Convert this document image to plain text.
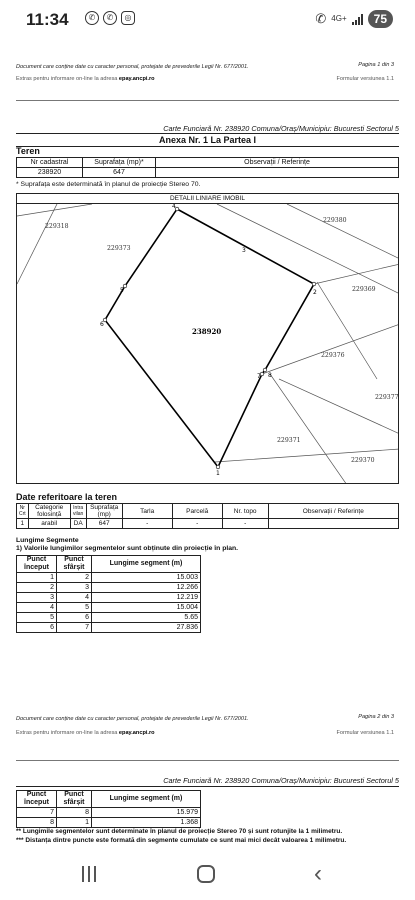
11:34	✆	✆	◎	✆ 4G+	75
Document care conține date cu caracter personal, protejate de prevederile Legii Nr. 677/2001.	Pagina 1 din 3
Extras pentru informare on-line la adresa epay.ancpi.ro	Formular versiunea 1.1
Carte Funciară Nr. 238920 Comuna/Oraș/Municipiu: Bucuresti Sectorul 5
Anexa Nr. 1 La Partea I
Teren
Nr cadastral	Suprafața (mp)*	Observații / Referințe
238920	647	
* Suprafața este determinată în planul de proiecție Stereo 70.
DETALII LINIARE IMOBIL
229318
229373
229380
229369
229376
229377
229371
229370
238920
1
2
3
4
5
6
7 8
Date referitoare la teren
Nr Crt	Categorie folosință	Intra vilan	Suprafața (mp)	Tarla	Parcelă	Nr. topo	Observații / Referințe
1	arabil	DA	647	-	-	-	
Lungime Segmente
1) Valorile lungimilor segmentelor sunt obținute din proiecție în plan.
Punct început	Punct sfârșit	Lungime segment (m)
1	2	15.003
2	3	12.266
3	4	12.219
4	5	15.004
5	6	5.65
6	7	27.836
Document care conține date cu caracter personal, protejate de prevederile Legii Nr. 677/2001.	Pagina 2 din 3
Extras pentru informare on-line la adresa epay.ancpi.ro	Formular versiunea 1.1
Carte Funciară Nr. 238920 Comuna/Oraș/Municipiu: Bucuresti Sectorul 5
Punct început	Punct sfârșit	Lungime segment (m)
7	8	15.979
8	1	1.368
** Lungimile segmentelor sunt determinate în planul de proiecție Stereo 70 și sunt rotunjite la 1 milimetru.
*** Distanța dintre puncte este formată din segmente cumulate ce sunt mai mici decât valoarea 1 milimetru.
‹
